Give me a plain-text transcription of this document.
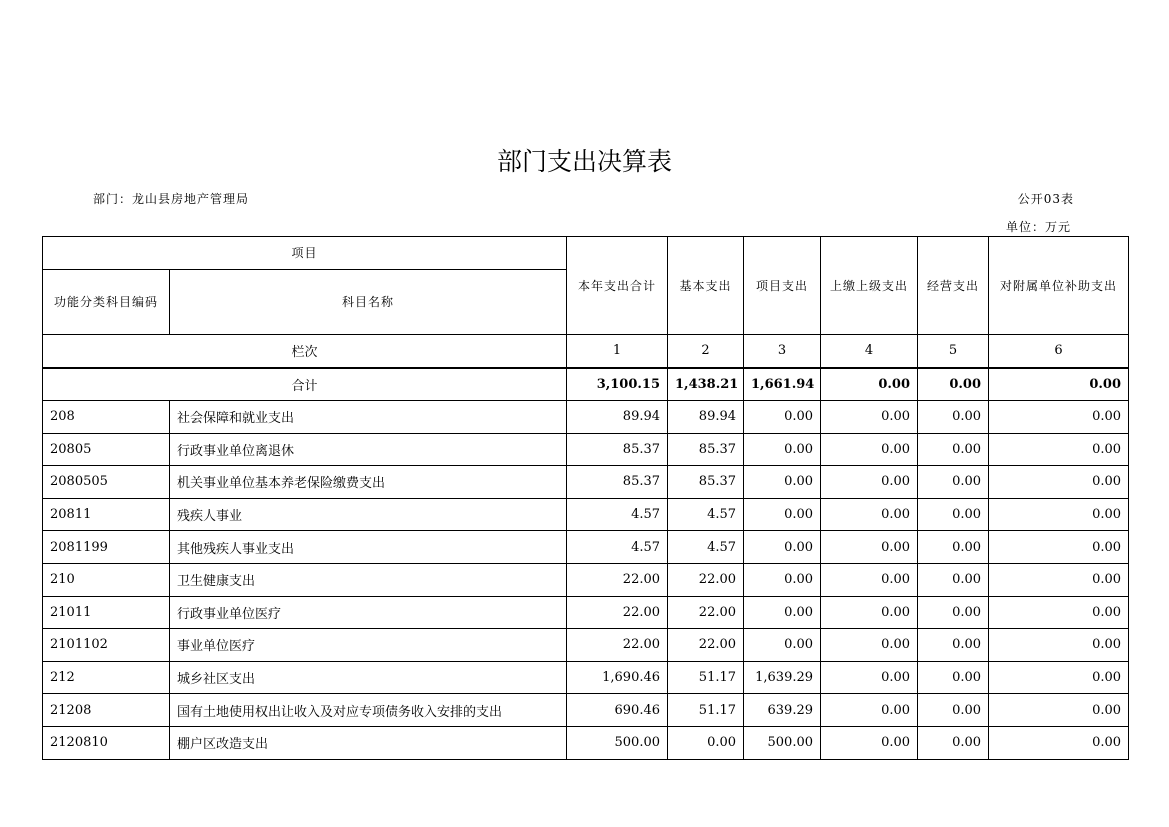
部门支出决算表
部门：龙山县房地产管理局	公开03表
单位：万元
项目		本年支出合计	基本支出	项目支出	上缴上级支出	经营支出	对附属单位补助支出
功能分类科目编码	科目名称						
栏次		1	2	3	4	5	6
合计		3,100.15	1,438.21	1,661.94	0.00	0.00	0.00
208	社会保障和就业支出	89.94	89.94	0.00	0.00	0.00	0.00
20805	行政事业单位离退休	85.37	85.37	0.00	0.00	0.00	0.00
2080505	机关事业单位基本养老保险缴费支出	85.37	85.37	0.00	0.00	0.00	0.00
20811	残疾人事业	4.57	4.57	0.00	0.00	0.00	0.00
2081199	其他残疾人事业支出	4.57	4.57	0.00	0.00	0.00	0.00
210	卫生健康支出	22.00	22.00	0.00	0.00	0.00	0.00
21011	行政事业单位医疗	22.00	22.00	0.00	0.00	0.00	0.00
2101102	事业单位医疗	22.00	22.00	0.00	0.00	0.00	0.00
212	城乡社区支出	1,690.46	51.17	1,639.29	0.00	0.00	0.00
21208	国有土地使用权出让收入及对应专项债务收入安排的支出	690.46	51.17	639.29	0.00	0.00	0.00
2120810	棚户区改造支出	500.00	0.00	500.00	0.00	0.00	0.00
